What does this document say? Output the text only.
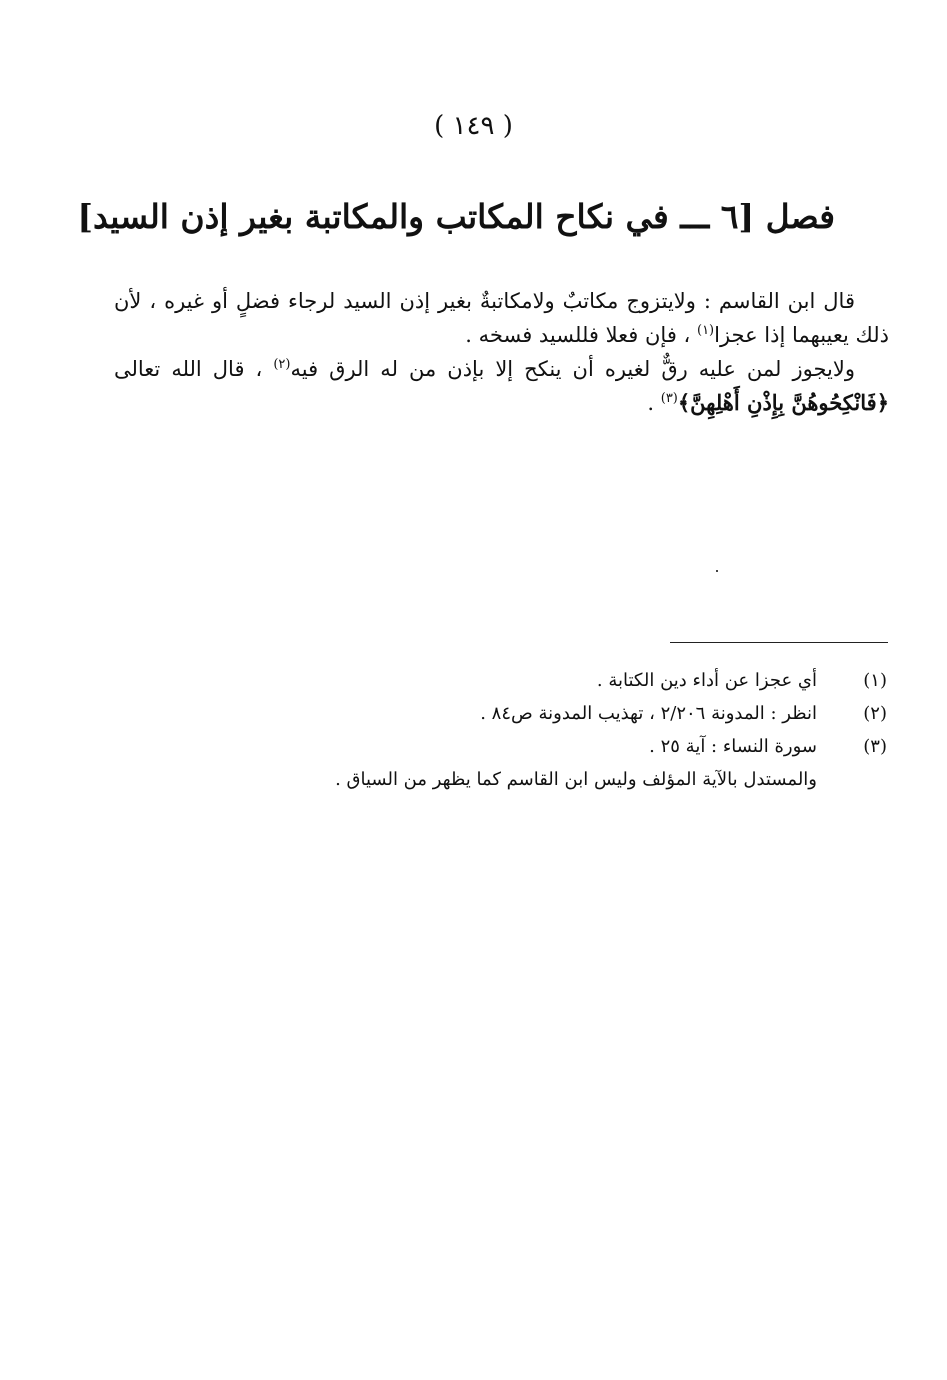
( ١٤٩ )
فصل [٦ ـــ في نكاح المكاتب والمكاتبة بغير إذن السيد]

قال ابن القاسم : ولايتزوج مكاتبٌ ولامكاتبةٌ بغير إذن السيد لرجاء فضلٍ أو غيره ، لأن ذلك يعيبهما إذا عجزا$^{(١)}$ ، فإن فعلا فللسيد فسخه .

ولايجوز لمن عليه رقٌّ لغيره أن ينكح إلا بإذن من له الرق فيه$^{(٢)}$ ، قال الله تعالى ﴿فَانْكِحُوهُنَّ بِإِذْنِ أَهْلِهِنَّ﴾$^{(٣)}$ .

(١)
أي عجزا عن أداء دين الكتابة .
(٢)
انظر : المدونة ٢/٢٠٦ ، تهذيب المدونة ص٨٤ .
(٣)
سورة النساء : آية ٢٥ .
والمستدل بالآية المؤلف وليس ابن القاسم كما يظهر من السياق .
